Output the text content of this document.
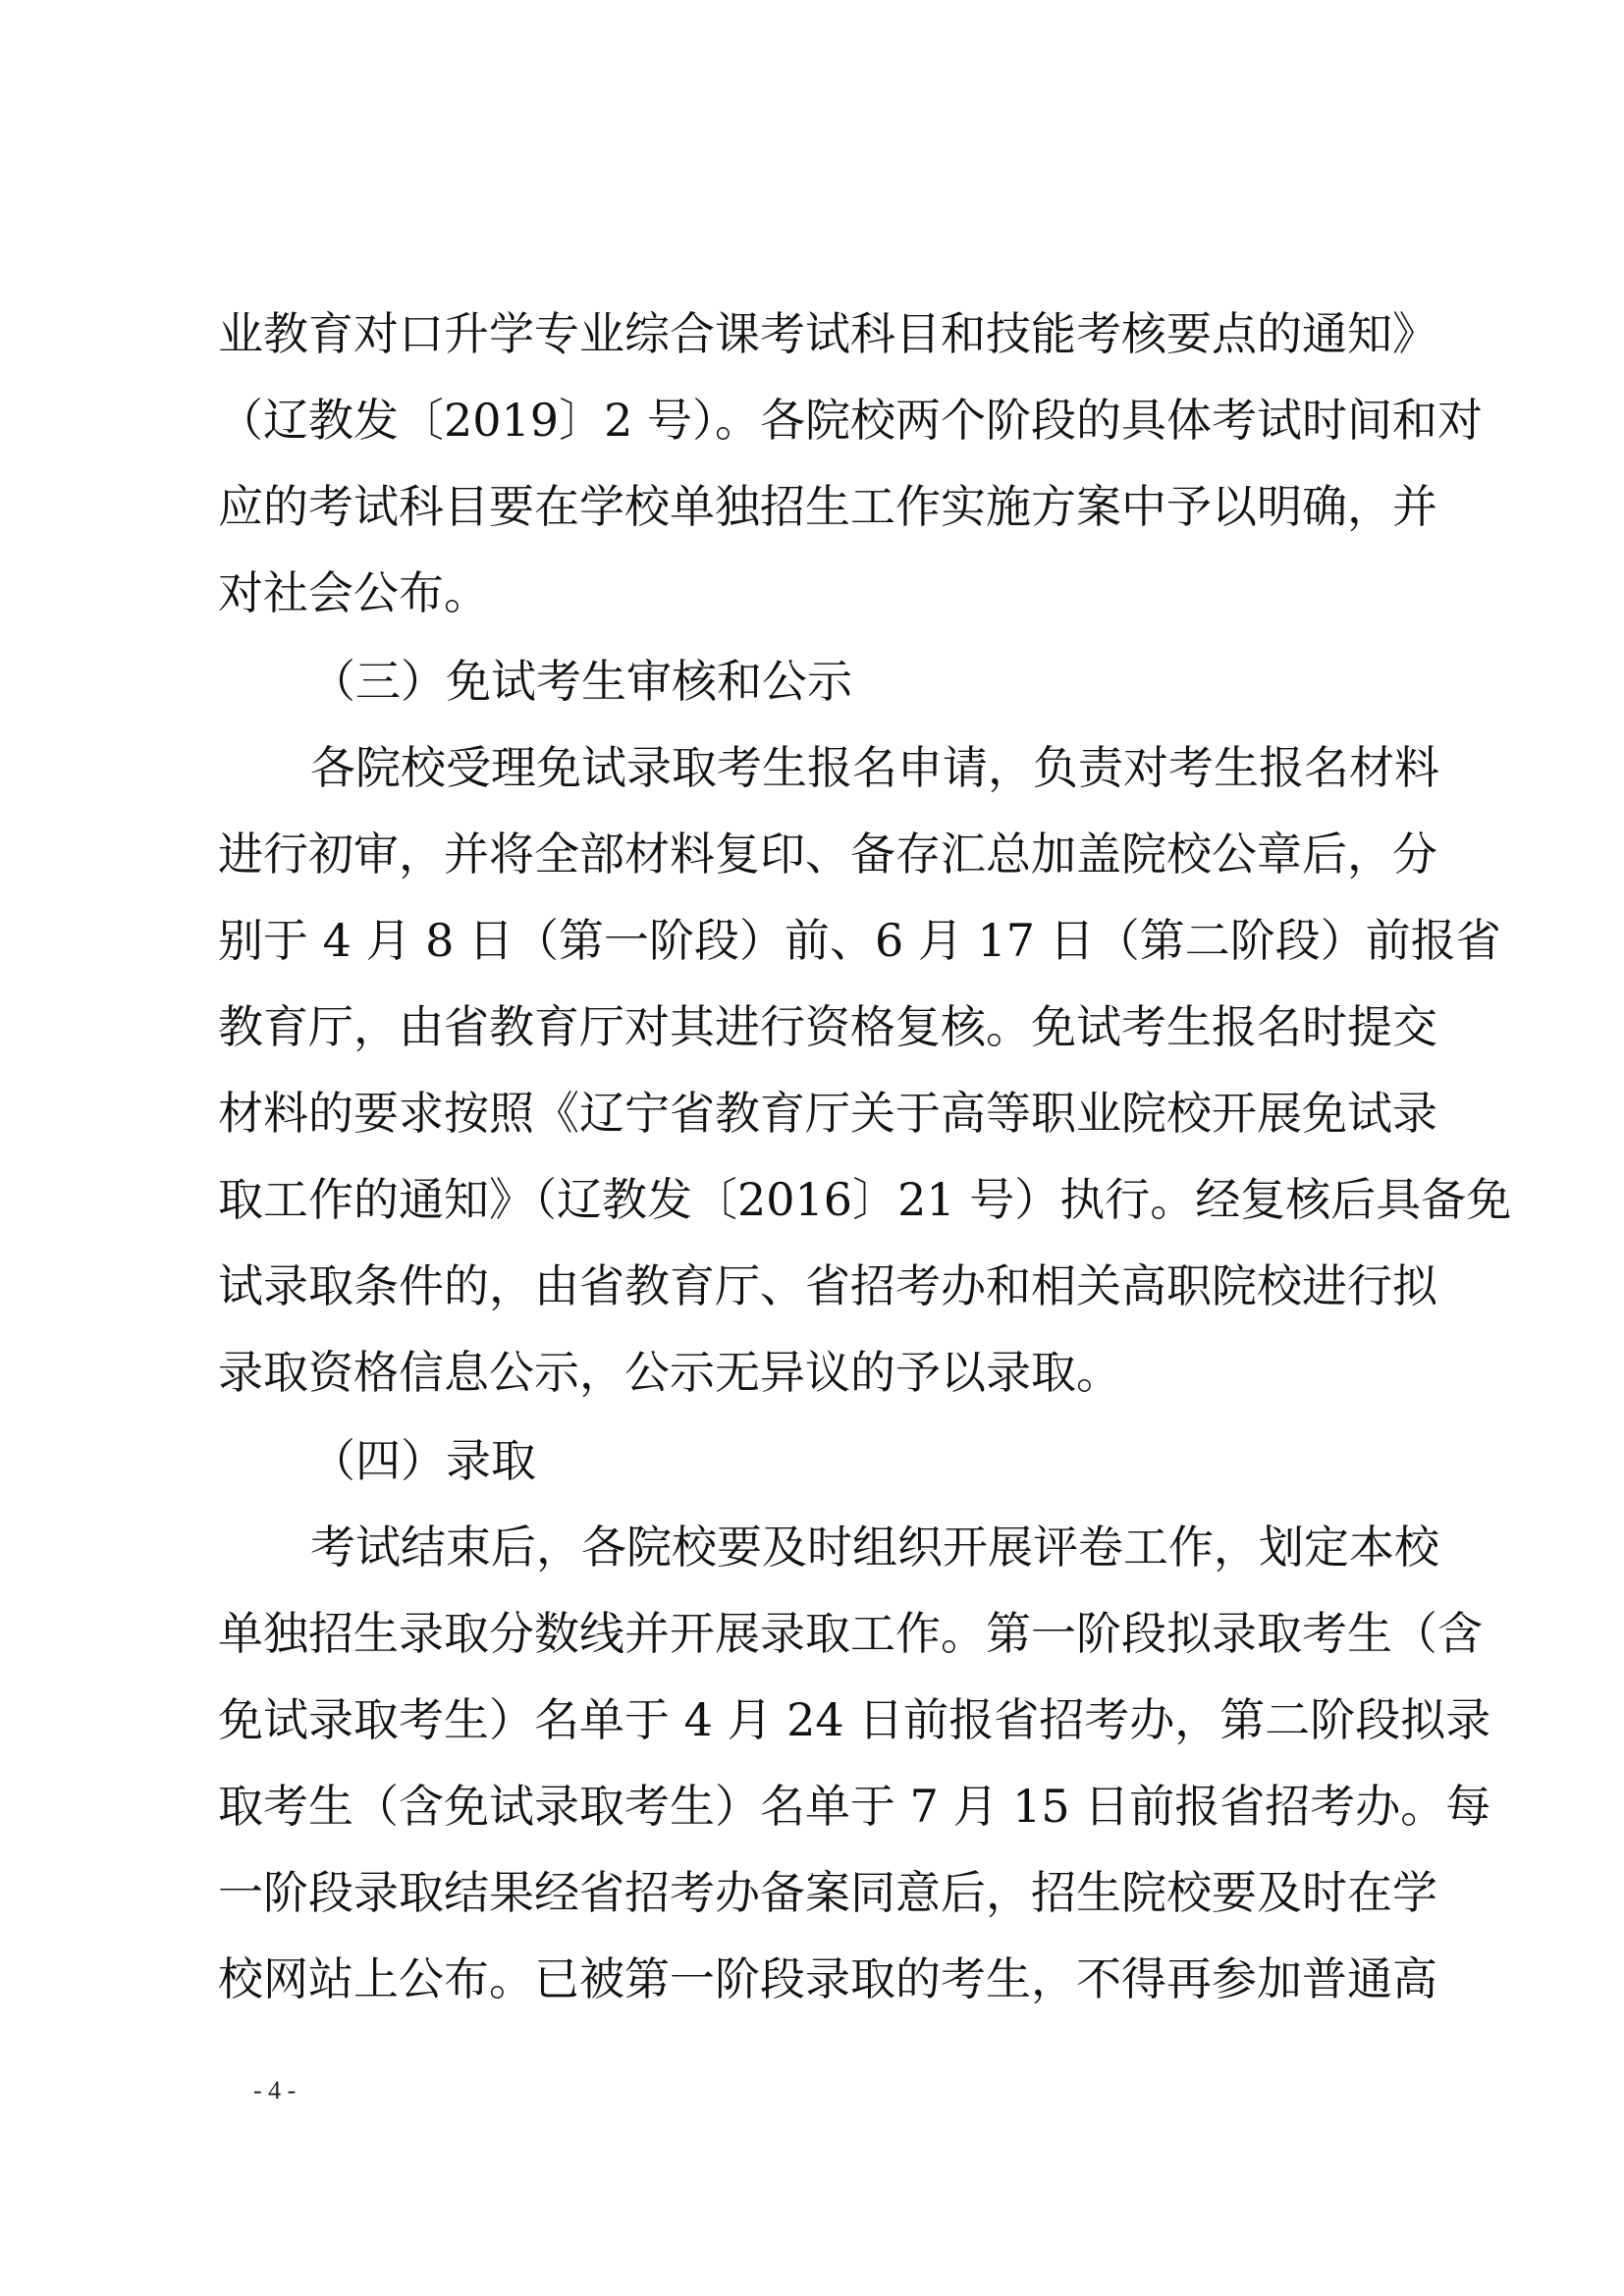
业教育对口升学专业综合课考试科目和技能考核要点的通知》
（辽教发〔2019〕2 号）。各院校两个阶段的具体考试时间和对
应的考试科目要在学校单独招生工作实施方案中予以明确，并
对社会公布。
（三）免试考生审核和公示
各院校受理免试录取考生报名申请，负责对考生报名材料
进行初审，并将全部材料复印、备存汇总加盖院校公章后，分
别于 4 月 8 日（第一阶段）前、6 月 17 日（第二阶段）前报省
教育厅，由省教育厅对其进行资格复核。免试考生报名时提交
材料的要求按照《辽宁省教育厅关于高等职业院校开展免试录
取工作的通知》（辽教发〔2016〕21 号）执行。经复核后具备免
试录取条件的，由省教育厅、省招考办和相关高职院校进行拟
录取资格信息公示，公示无异议的予以录取。
（四）录取
考试结束后，各院校要及时组织开展评卷工作，划定本校
单独招生录取分数线并开展录取工作。第一阶段拟录取考生（含
免试录取考生）名单于 4 月 24 日前报省招考办，第二阶段拟录
取考生（含免试录取考生）名单于 7 月 15 日前报省招考办。每
一阶段录取结果经省招考办备案同意后，招生院校要及时在学
校网站上公布。已被第一阶段录取的考生，不得再参加普通高
- 4 -
